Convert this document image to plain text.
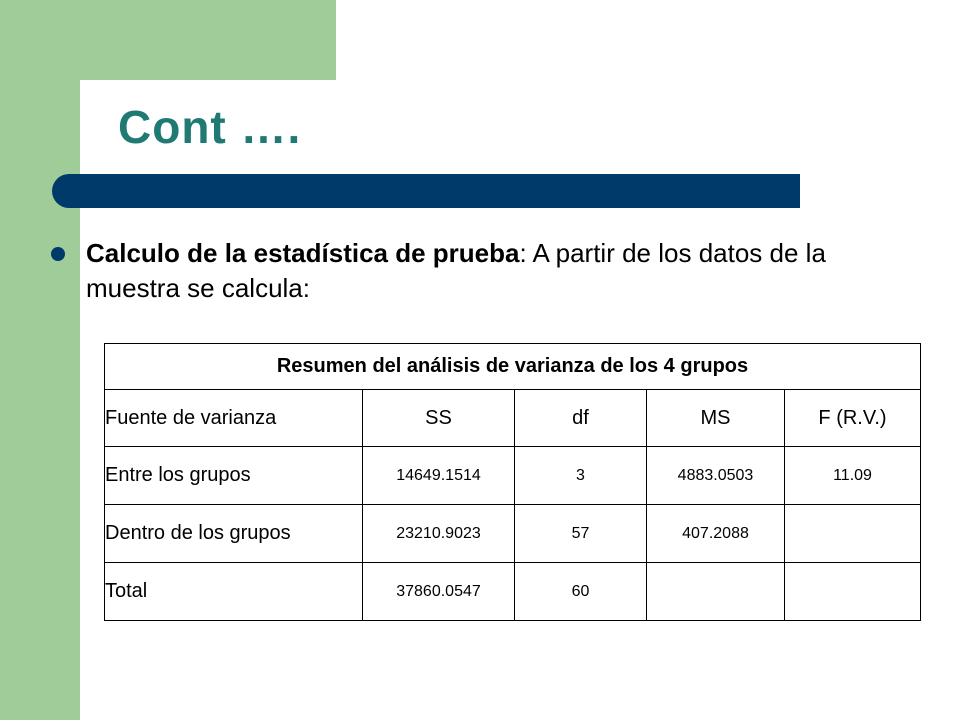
Cont ….

Calculo de la estadística de prueba: A partir de los datos de la muestra se calcula:

Resumen del análisis de varianza de los 4 grupos				
Fuente de varianza	SS	df	MS	F (R.V.)
Entre los grupos	14649.1514	3	4883.0503	11.09
Dentro de los grupos	23210.9023	57	407.2088	
Total	37860.0547	60		
